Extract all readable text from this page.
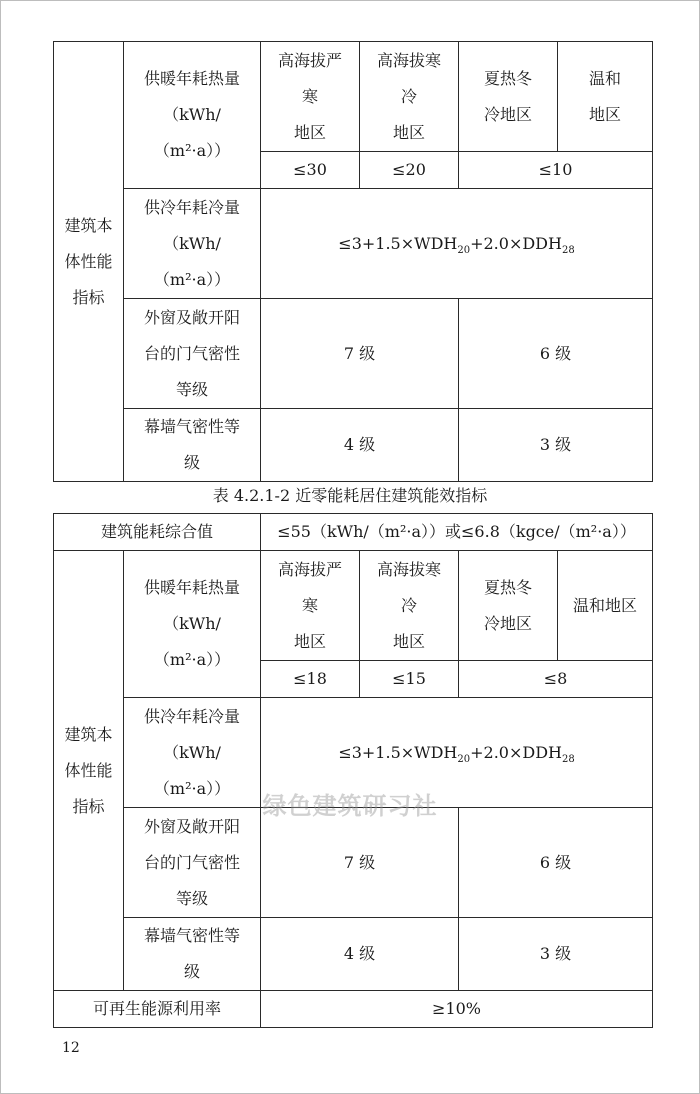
建筑本
体性能
指标	供暖年耗热量
（kWh/
（m²·a））	高海拔严
寒
地区	高海拔寒
冷
地区	夏热冬
冷地区	温和
地区

		≤30	≤20	≤10	

	供冷年耗冷量
（kWh/
（m²·a））	$\le 3+1.5\times WDH_{20}+2.0\times DDH_{28}$

	外窗及敞开阳
台的门气密性
等级	7 级		6 级	

	幕墙气密性等
级	4 级		3 级	
表 4.2.1-2 近零能耗居住建筑能效指标
建筑能耗综合值		≤55（kWh/（m²·a））或≤6.8（kgce/（m²·a））			

建筑本
体性能
指标	供暖年耗热量
（kWh/
（m²·a））	高海拔严
寒
地区	高海拔寒
冷
地区	夏热冬
冷地区	温和地区

		≤18	≤15	≤8	

	供冷年耗冷量
（kWh/
（m²·a））	$\le 3+1.5\times WDH_{20}+2.0\times DDH_{28}$

	外窗及敞开阳
台的门气密性
等级	7 级		6 级	

	幕墙气密性等
级	4 级		3 级	
可再生能源利用率		≥10%			
绿色建筑研习社
12
